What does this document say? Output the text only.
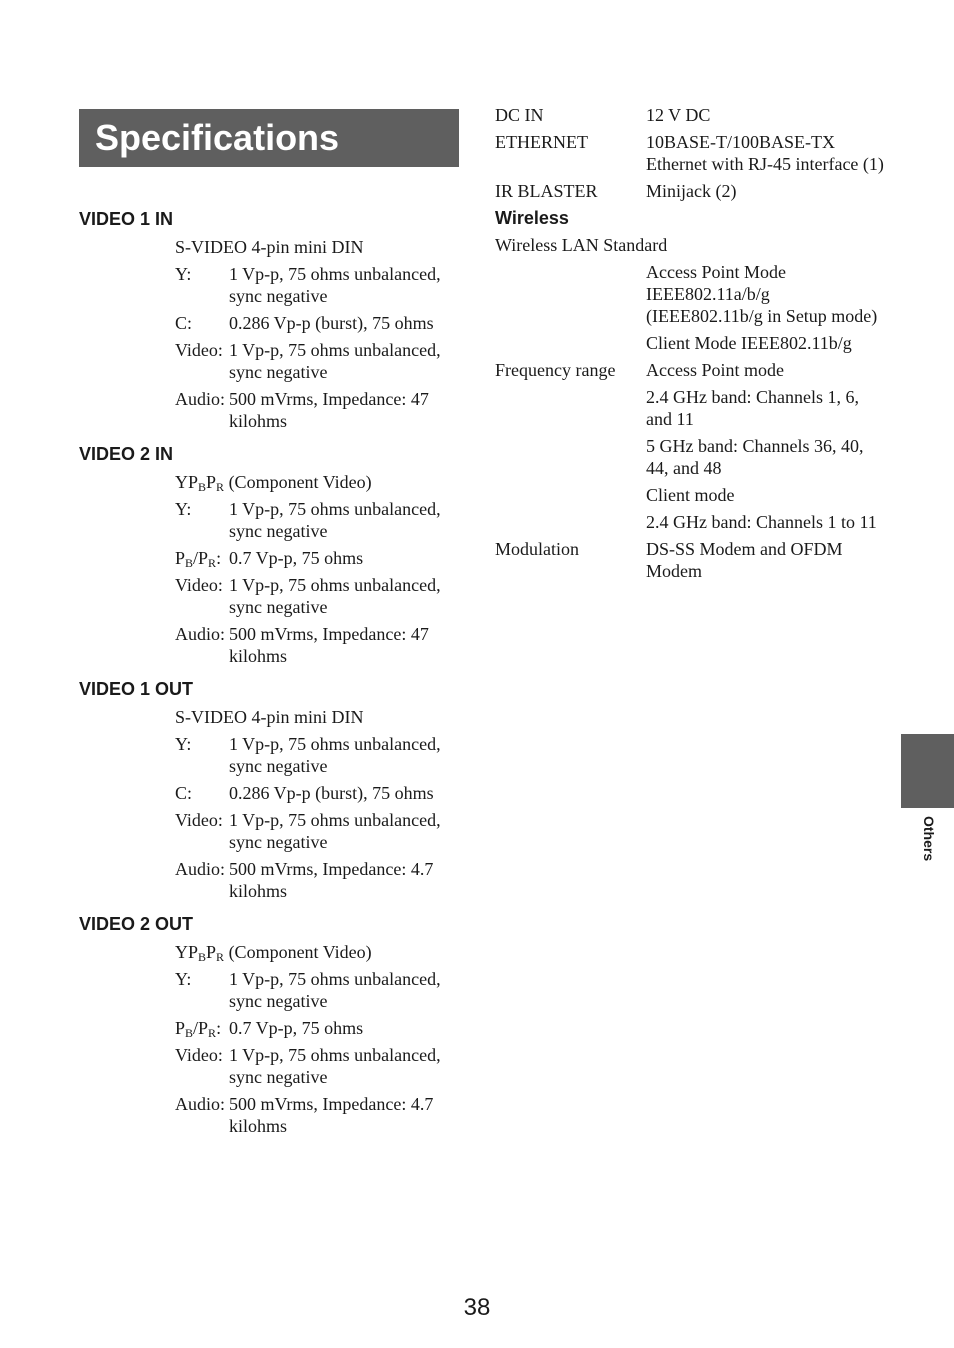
Specifications
VIDEO 1 IN
S-VIDEO 4-pin mini DIN
Y:	1 Vp-p, 75 ohms unbalanced, sync negative
C:	0.286 Vp-p (burst), 75 ohms
Video: 1 Vp-p, 75 ohms unbalanced, sync negative
Audio: 500 mVrms, Impedance: 47 kilohms
VIDEO 2 IN
$YP_BP_R$ (Component Video)
Y:	1 Vp-p, 75 ohms unbalanced, sync negative
$P_B/P_R$: 0.7 Vp-p, 75 ohms
Video: 1 Vp-p, 75 ohms unbalanced, sync negative
Audio: 500 mVrms, Impedance: 47 kilohms
VIDEO 1 OUT
S-VIDEO 4-pin mini DIN
Y:	1 Vp-p, 75 ohms unbalanced, sync negative
C:	0.286 Vp-p (burst), 75 ohms
Video: 1 Vp-p, 75 ohms unbalanced, sync negative
Audio: 500 mVrms, Impedance: 4.7 kilohms
VIDEO 2 OUT
$YP_BP_R$ (Component Video)
Y:	1 Vp-p, 75 ohms unbalanced, sync negative
$P_B/P_R$: 0.7 Vp-p, 75 ohms
Video: 1 Vp-p, 75 ohms unbalanced, sync negative
Audio: 500 mVrms, Impedance: 4.7 kilohms
DC IN	12 V DC
ETHERNET	10BASE-T/100BASE-TX Ethernet with RJ-45 interface (1)
IR BLASTER	Minijack (2)
Wireless
Wireless LAN Standard
Access Point Mode IEEE802.11a/b/g (IEEE802.11b/g in Setup mode)
Client Mode IEEE802.11b/g
Frequency range	Access Point mode
2.4 GHz band: Channels 1, 6, and 11
5 GHz band: Channels 36, 40, 44, and 48
Client mode
2.4 GHz band: Channels 1 to 11
Modulation	DS-SS Modem and OFDM Modem
Others
38
